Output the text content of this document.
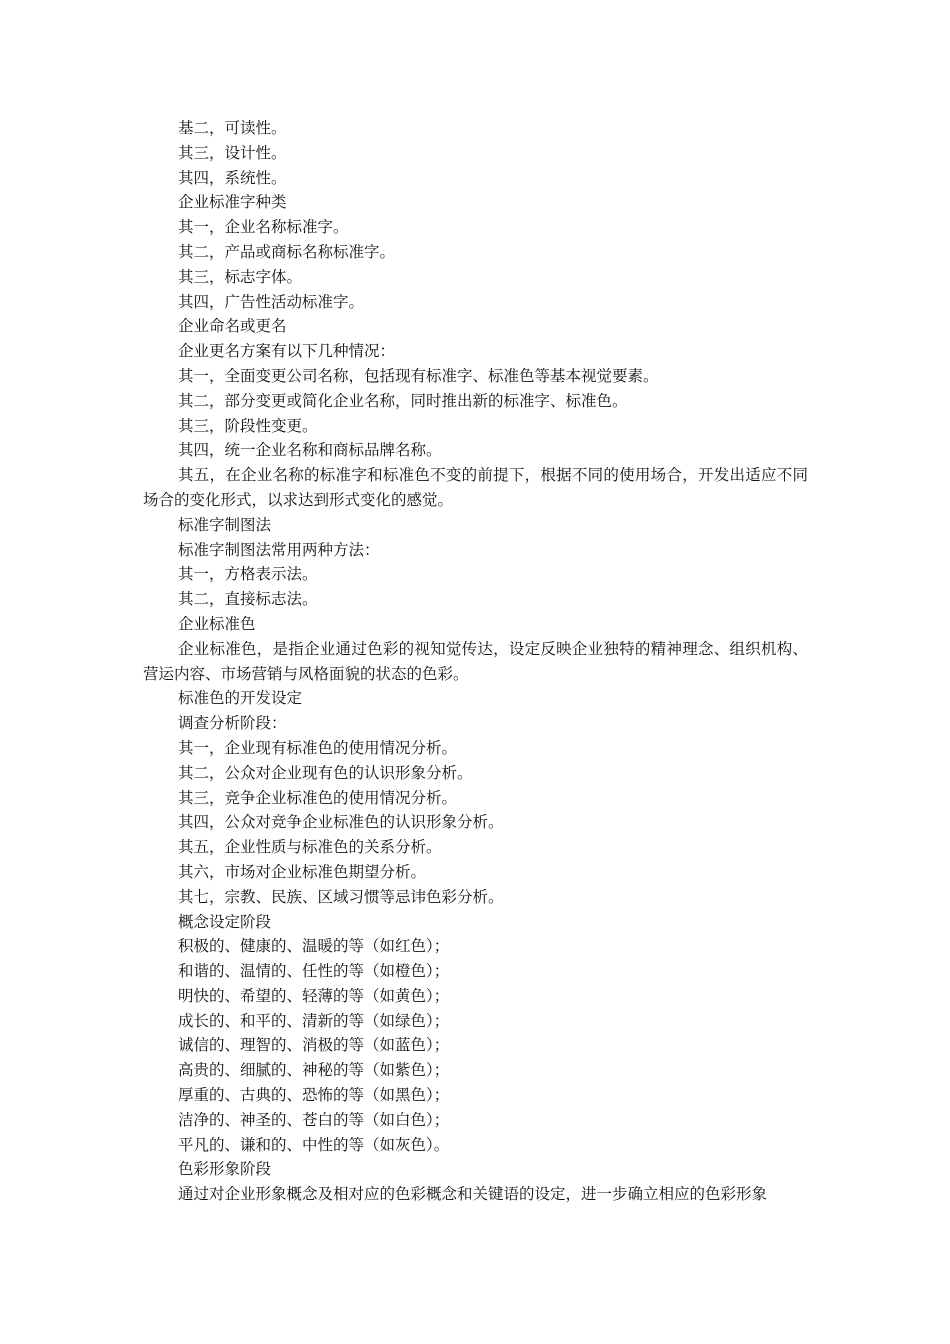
基二，可读性。

其三，设计性。

其四，系统性。

企业标准字种类

其一，企业名称标准字。

其二，产品或商标名称标准字。

其三，标志字体。

其四，广告性活动标准字。

企业命名或更名

企业更名方案有以下几种情况：

其一，全面变更公司名称，包括现有标准字、标准色等基本视觉要素。

其二，部分变更或简化企业名称，同时推出新的标准字、标准色。

其三，阶段性变更。

其四，统一企业名称和商标品牌名称。

其五，在企业名称的标准字和标准色不变的前提下，根据不同的使用场合，开发出适应不同场合的变化形式，以求达到形式变化的感觉。

标准字制图法

标准字制图法常用两种方法：

其一，方格表示法。

其二，直接标志法。

企业标准色

企业标准色，是指企业通过色彩的视知觉传达，设定反映企业独特的精神理念、组织机构、营运内容、市场营销与风格面貌的状态的色彩。

标准色的开发设定

调查分析阶段：

其一，企业现有标准色的使用情况分析。

其二，公众对企业现有色的认识形象分析。

其三，竞争企业标准色的使用情况分析。

其四，公众对竞争企业标准色的认识形象分析。

其五，企业性质与标准色的关系分析。

其六，市场对企业标准色期望分析。

其七，宗教、民族、区域习惯等忌讳色彩分析。

概念设定阶段

积极的、健康的、温暖的等（如红色）；

和谐的、温情的、任性的等（如橙色）；

明快的、希望的、轻薄的等（如黄色）；

成长的、和平的、清新的等（如绿色）；

诚信的、理智的、消极的等（如蓝色）；

高贵的、细腻的、神秘的等（如紫色）；

厚重的、古典的、恐怖的等（如黑色）；

洁净的、神圣的、苍白的等（如白色）；

平凡的、谦和的、中性的等（如灰色）。

色彩形象阶段

通过对企业形象概念及相对应的色彩概念和关键语的设定，进一步确立相应的色彩形象
